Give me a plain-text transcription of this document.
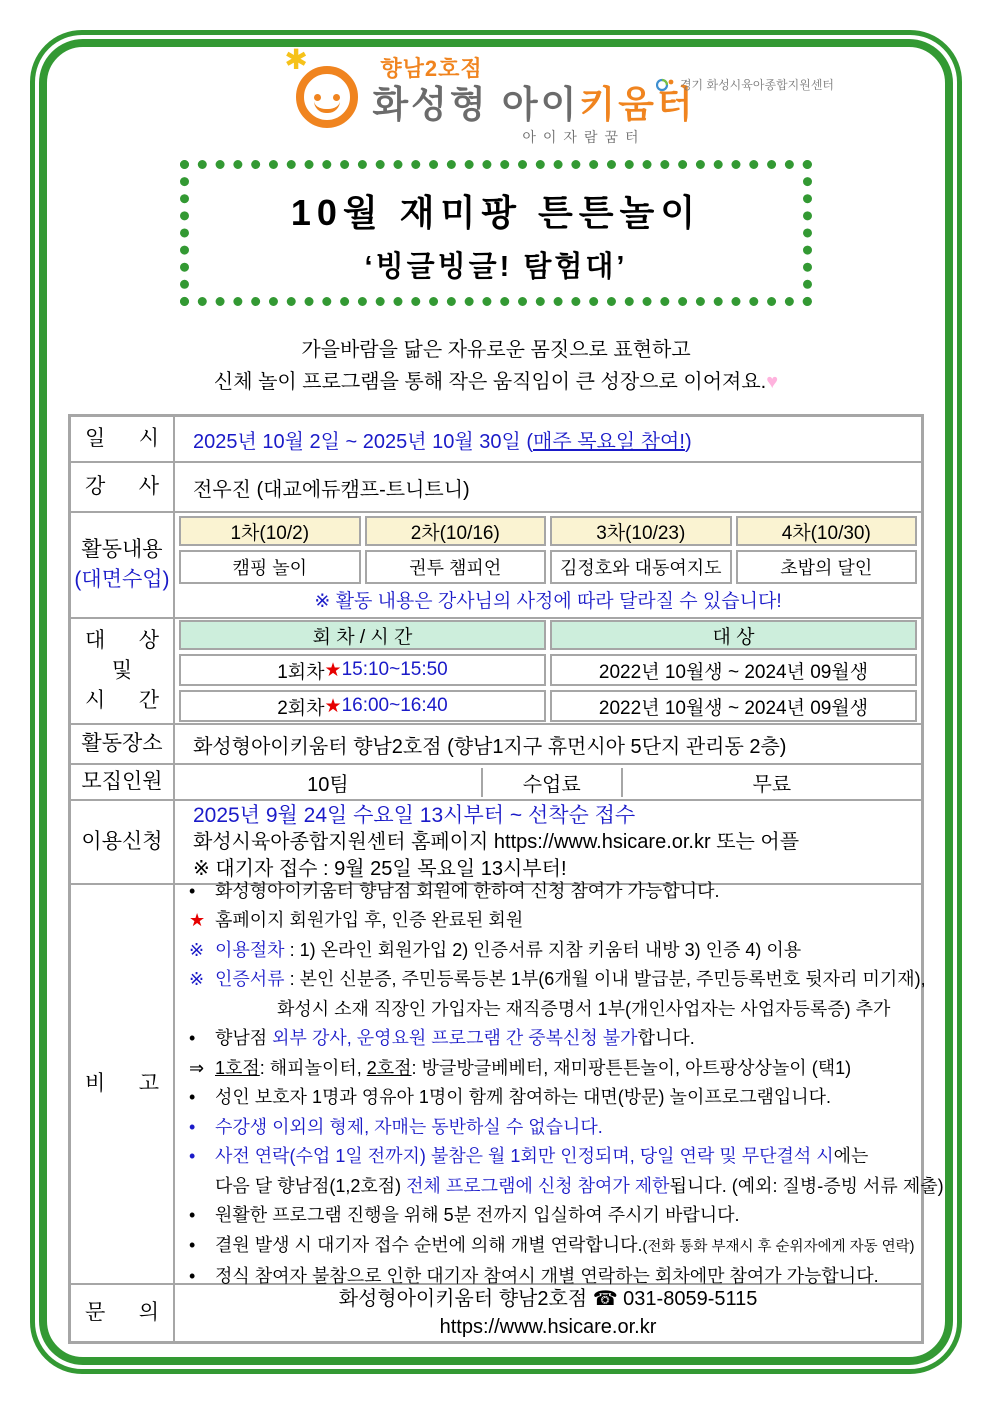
✱	향남2호점
화성형 아이키움터
아이자람꿈터
경기 화성시육아종합지원센터
10월 재미팡 튼튼놀이
‘빙글빙글! 탐험대’
가을바람을 닮은 자유로운 몸짓으로 표현하고
신체 놀이 프로그램을 통해 작은 움직임이 큰 성장으로 이어져요.♥
일 시 2025년 10월 2일 ~ 2025년 10월 30일 (매주 목요일 참여!)
강 사	전우진 (대교에듀캠프-트니트니)
활동내용
(대면수업)
1차(10/2)	2차(10/16)	3차(10/23)	4차(10/30)
캠핑 놀이	권투 챔피언	김정호와 대동여지도	초밥의 달인
※ 활동 내용은 강사님의 사정에 따라 달라질 수 있습니다!
대 상
및
시 간
회 차 / 시 간	대 상
1회차 ★ 15:10~15:50	2022년 10월생 ~ 2024년 09월생
2회차 ★ 16:00~16:40	2022년 10월생 ~ 2024년 09월생
활동장소	화성형아이키움터 향남2호점 (향남1지구 휴먼시아 5단지 관리동 2층)
모집인원	10팀	수업료	무료
이용신청
2025년 9월 24일 수요일 13시부터 ~ 선착순 접수
화성시육아종합지원센터 홈페이지 https://www.hsicare.or.kr 또는 어플
※ 대기자 접수 : 9월 25일 목요일 13시부터!
비 고
• 화성형아이키움터 향남점 회원에 한하여 신청 참여가 가능합니다.
★ 홈페이지 회원가입 후, 인증 완료된 회원
※ 이용절차 : 1) 온라인 회원가입 2) 인증서류 지참 키움터 내방 3) 인증 4) 이용
※ 인증서류 : 본인 신분증, 주민등록등본 1부(6개월 이내 발급분, 주민등록번호 뒷자리 미기재),
화성시 소재 직장인 가입자는 재직증명서 1부(개인사업자는 사업자등록증) 추가
• 향남점 외부 강사, 운영요원 프로그램 간 중복신청 불가합니다.
⇒ 1호점: 해피놀이터, 2호점: 방글방글베베터, 재미팡튼튼놀이, 아트팡상상놀이 (택1)
• 성인 보호자 1명과 영유아 1명이 함께 참여하는 대면(방문) 놀이프로그램입니다.
• 수강생 이외의 형제, 자매는 동반하실 수 없습니다.
• 사전 연락(수업 1일 전까지) 불참은 월 1회만 인정되며, 당일 연락 및 무단결석 시에는
다음 달 향남점(1,2호점) 전체 프로그램에 신청 참여가 제한됩니다. (예외: 질병-증빙 서류 제출)
• 원활한 프로그램 진행을 위해 5분 전까지 입실하여 주시기 바랍니다.
• 결원 발생 시 대기자 접수 순번에 의해 개별 연락합니다.(전화 통화 부재시 후 순위자에게 자동 연락)
• 정식 참여자 불참으로 인한 대기자 참여시 개별 연락하는 회차에만 참여가 가능합니다.
문 의
화성형아이키움터 향남2호점 ☎ 031-8059-5115
https://www.hsicare.or.kr
